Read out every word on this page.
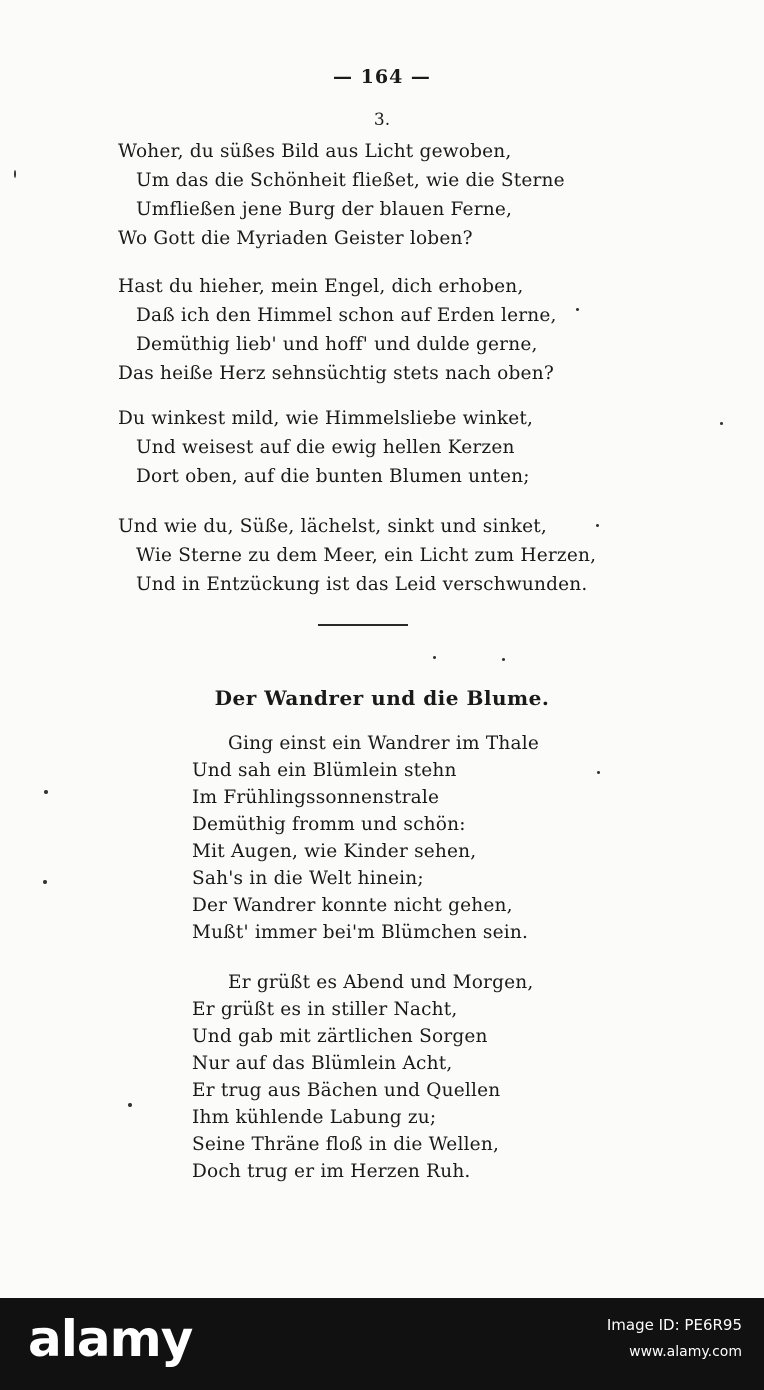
— 164 —
3.
Woher, du süßes Bild aus Licht gewoben,
Um das die Schönheit fließet, wie die Sterne
Umfließen jene Burg der blauen Ferne,
Wo Gott die Myriaden Geister loben?
Hast du hieher, mein Engel, dich erhoben,
Daß ich den Himmel schon auf Erden lerne,
Demüthig lieb' und hoff' und dulde gerne,
Das heiße Herz sehnsüchtig stets nach oben?
Du winkest mild, wie Himmelsliebe winket,
Und weisest auf die ewig hellen Kerzen
Dort oben, auf die bunten Blumen unten;
Und wie du, Süße, lächelst, sinkt und sinket,
Wie Sterne zu dem Meer, ein Licht zum Herzen,
Und in Entzückung ist das Leid verschwunden.
Der Wandrer und die Blume.
Ging einst ein Wandrer im Thale
Und sah ein Blümlein stehn
Im Frühlingssonnenstrale
Demüthig fromm und schön:
Mit Augen, wie Kinder sehen,
Sah's in die Welt hinein;
Der Wandrer konnte nicht gehen,
Mußt' immer bei'm Blümchen sein.
Er grüßt es Abend und Morgen,
Er grüßt es in stiller Nacht,
Und gab mit zärtlichen Sorgen
Nur auf das Blümlein Acht,
Er trug aus Bächen und Quellen
Ihm kühlende Labung zu;
Seine Thräne floß in die Wellen,
Doch trug er im Herzen Ruh.
alamy	Image ID: PE6R95
www.alamy.com
